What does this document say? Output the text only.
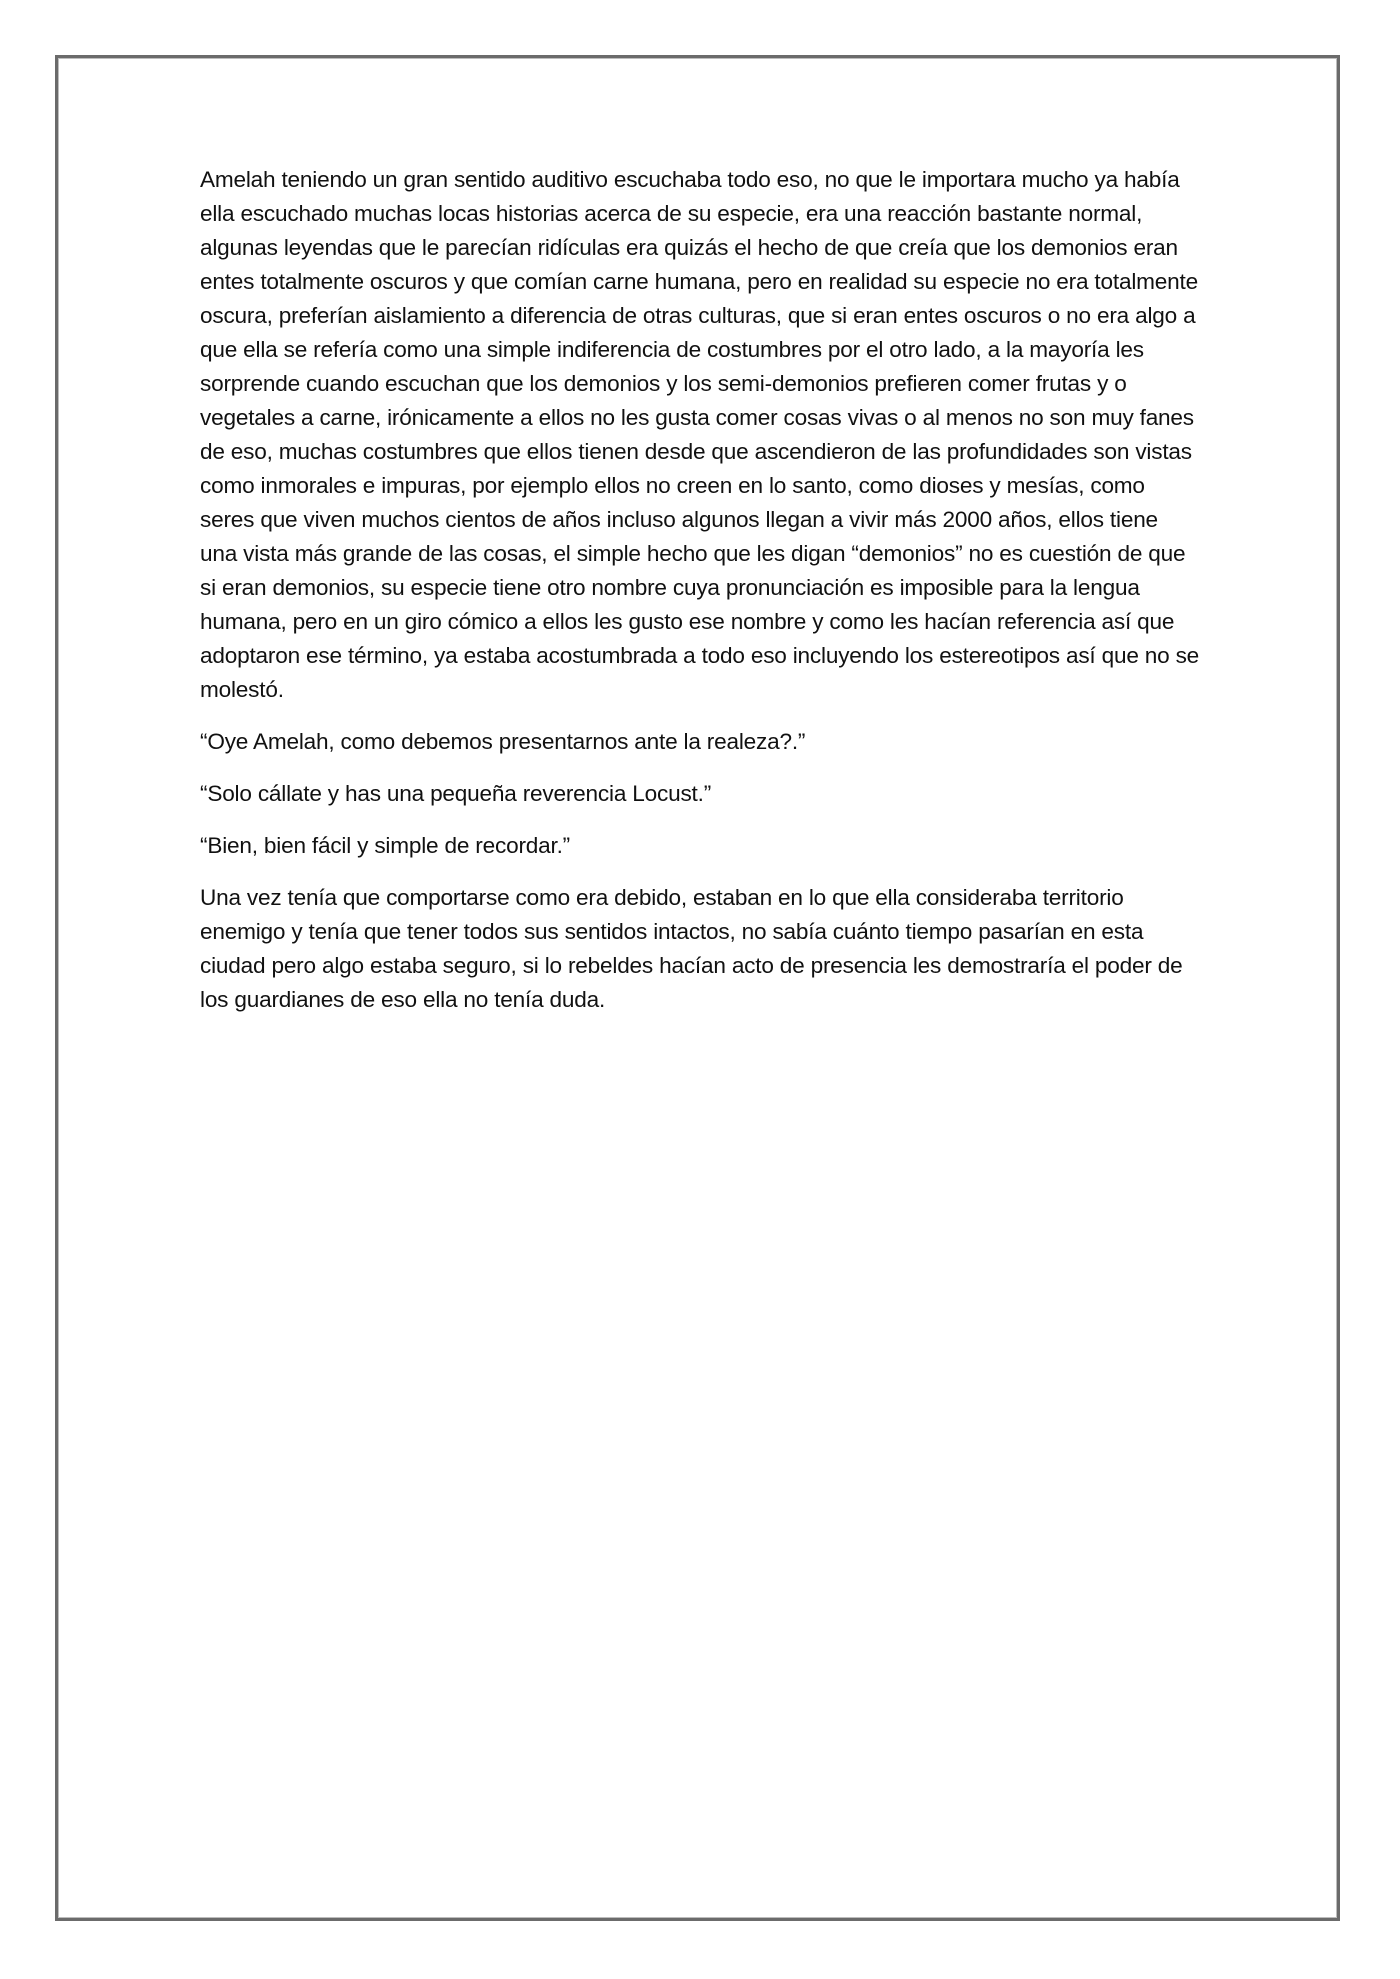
Amelah teniendo un gran sentido auditivo escuchaba todo eso, no que le importara mucho ya había ella escuchado muchas locas historias acerca de su especie, era una reacción bastante normal, algunas leyendas que le parecían ridículas era quizás el hecho de que creía que los demonios eran entes totalmente oscuros y que comían carne humana, pero en realidad su especie no era totalmente oscura, preferían aislamiento a diferencia de otras culturas, que si eran entes oscuros o no era algo a que ella se refería como una simple indiferencia de costumbres por el otro lado, a la mayoría les sorprende cuando escuchan que los demonios y los semi-demonios prefieren comer frutas y o vegetales a carne, irónicamente a ellos no les gusta comer cosas vivas o al menos no son muy fanes de eso, muchas costumbres que ellos tienen desde que ascendieron de las profundidades son vistas como inmorales e impuras, por ejemplo ellos no creen en lo santo, como dioses y mesías, como seres que viven muchos cientos de años incluso algunos llegan a vivir más 2000 años, ellos tiene una vista más grande de las cosas, el simple hecho que les digan “demonios” no es cuestión de que si eran demonios, su especie tiene otro nombre cuya pronunciación es imposible para la lengua humana, pero en un giro cómico a ellos les gusto ese nombre y como les hacían referencia así que adoptaron ese término, ya estaba acostumbrada a todo eso incluyendo los estereotipos así que no se molestó.

“Oye Amelah, como debemos presentarnos ante la realeza?.”

“Solo cállate y has una pequeña reverencia Locust.”

“Bien, bien fácil y simple de recordar.”

Una vez tenía que comportarse como era debido, estaban en lo que ella consideraba territorio enemigo y tenía que tener todos sus sentidos intactos, no sabía cuánto tiempo pasarían en esta ciudad pero algo estaba seguro, si lo rebeldes hacían acto de presencia les demostraría el poder de los guardianes de eso ella no tenía duda.
